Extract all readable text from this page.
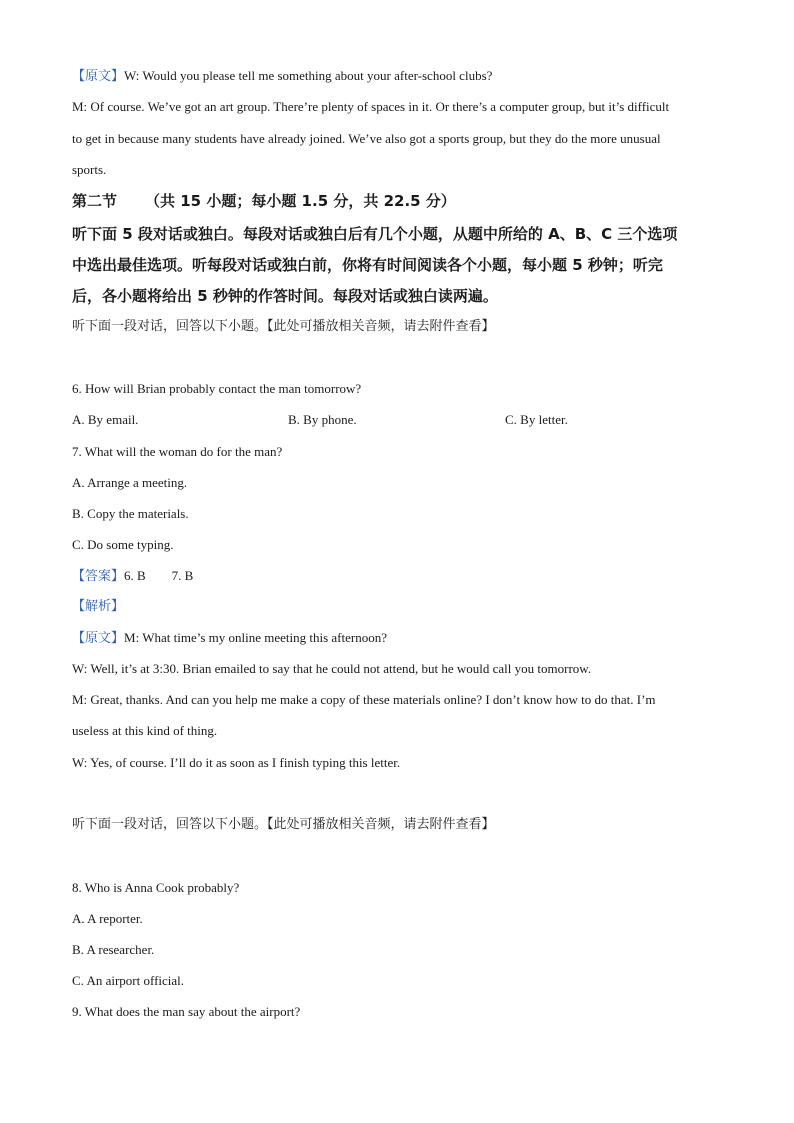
【原文】W: Would you please tell me something about your after-school clubs?
M: Of course. We’ve got an art group. There’re plenty of spaces in it. Or there’s a computer group, but it’s difficult
to get in because many students have already joined. We’ve also got a sports group, but they do the more unusual
sports.
第二节 （共 15 小题；每小题 1.5 分，共 22.5 分）
听下面 5 段对话或独白。每段对话或独白后有几个小题，从题中所给的 A、B、C 三个选项
中选出最佳选项。听每段对话或独白前，你将有时间阅读各个小题，每小题 5 秒钟；听完
后，各小题将给出 5 秒钟的作答时间。每段对话或独白读两遍。
听下面一段对话，回答以下小题。【此处可播放相关音频，请去附件查看】
6. How will Brian probably contact the man tomorrow?
A. By email.	B. By phone.	C. By letter.
7. What will the woman do for the man?
A. Arrange a meeting.
B. Copy the materials.
C. Do some typing.
【答案】6. B        7. B
【解析】
【原文】M: What time’s my online meeting this afternoon?
W: Well, it’s at 3:30. Brian emailed to say that he could not attend, but he would call you tomorrow.
M: Great, thanks. And can you help me make a copy of these materials online? I don’t know how to do that. I’m
useless at this kind of thing.
W: Yes, of course. I’ll do it as soon as I finish typing this letter.
听下面一段对话，回答以下小题。【此处可播放相关音频，请去附件查看】
8. Who is Anna Cook probably?
A. A reporter.
B. A researcher.
C. An airport official.
9. What does the man say about the airport?
